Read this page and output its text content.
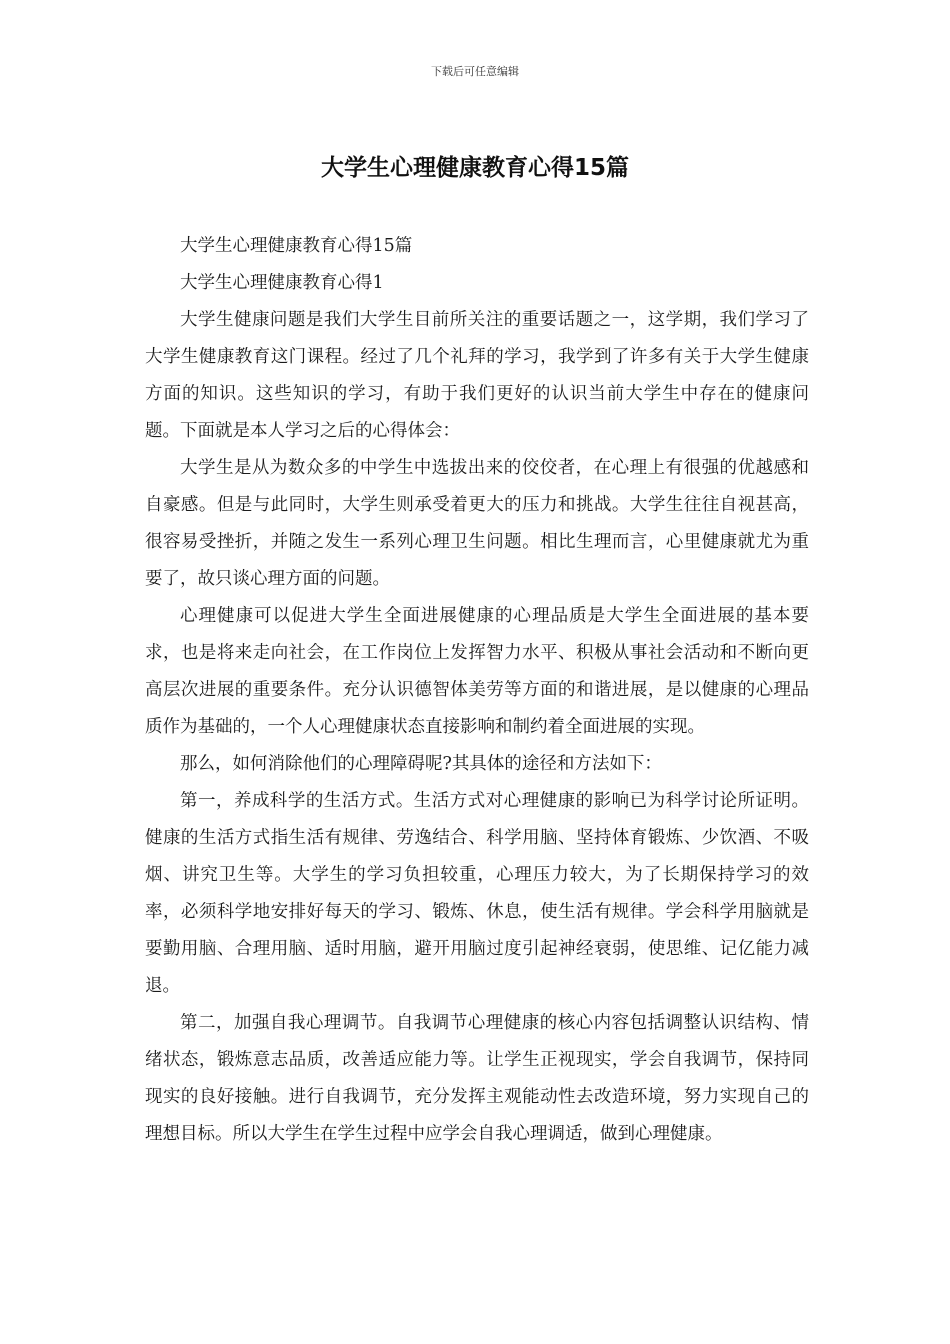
下载后可任意编辑
大学生心理健康教育心得15篇

大学生心理健康教育心得15篇

大学生心理健康教育心得1

大学生健康问题是我们大学生目前所关注的重要话题之一，这学期，我们学习了大学生健康教育这门课程。经过了几个礼拜的学习，我学到了许多有关于大学生健康方面的知识。这些知识的学习，有助于我们更好的认识当前大学生中存在的健康问题。下面就是本人学习之后的心得体会：

大学生是从为数众多的中学生中选拔出来的佼佼者，在心理上有很强的优越感和自豪感。但是与此同时，大学生则承受着更大的压力和挑战。大学生往往自视甚高，很容易受挫折，并随之发生一系列心理卫生问题。相比生理而言，心里健康就尤为重要了，故只谈心理方面的问题。

心理健康可以促进大学生全面进展健康的心理品质是大学生全面进展的基本要求，也是将来走向社会，在工作岗位上发挥智力水平、积极从事社会活动和不断向更高层次进展的重要条件。充分认识德智体美劳等方面的和谐进展，是以健康的心理品质作为基础的，一个人心理健康状态直接影响和制约着全面进展的实现。

那么，如何消除他们的心理障碍呢?其具体的途径和方法如下：

第一，养成科学的生活方式。生活方式对心理健康的影响已为科学讨论所证明。健康的生活方式指生活有规律、劳逸结合、科学用脑、坚持体育锻炼、少饮酒、不吸烟、讲究卫生等。大学生的学习负担较重，心理压力较大，为了长期保持学习的效率，必须科学地安排好每天的学习、锻炼、休息，使生活有规律。学会科学用脑就是要勤用脑、合理用脑、适时用脑，避开用脑过度引起神经衰弱，使思维、记亿能力减退。

第二，加强自我心理调节。自我调节心理健康的核心内容包括调整认识结构、情绪状态，锻炼意志品质，改善适应能力等。让学生正视现实，学会自我调节，保持同现实的良好接触。进行自我调节，充分发挥主观能动性去改造环境，努力实现自己的理想目标。所以大学生在学生过程中应学会自我心理调适，做到心理健康。
